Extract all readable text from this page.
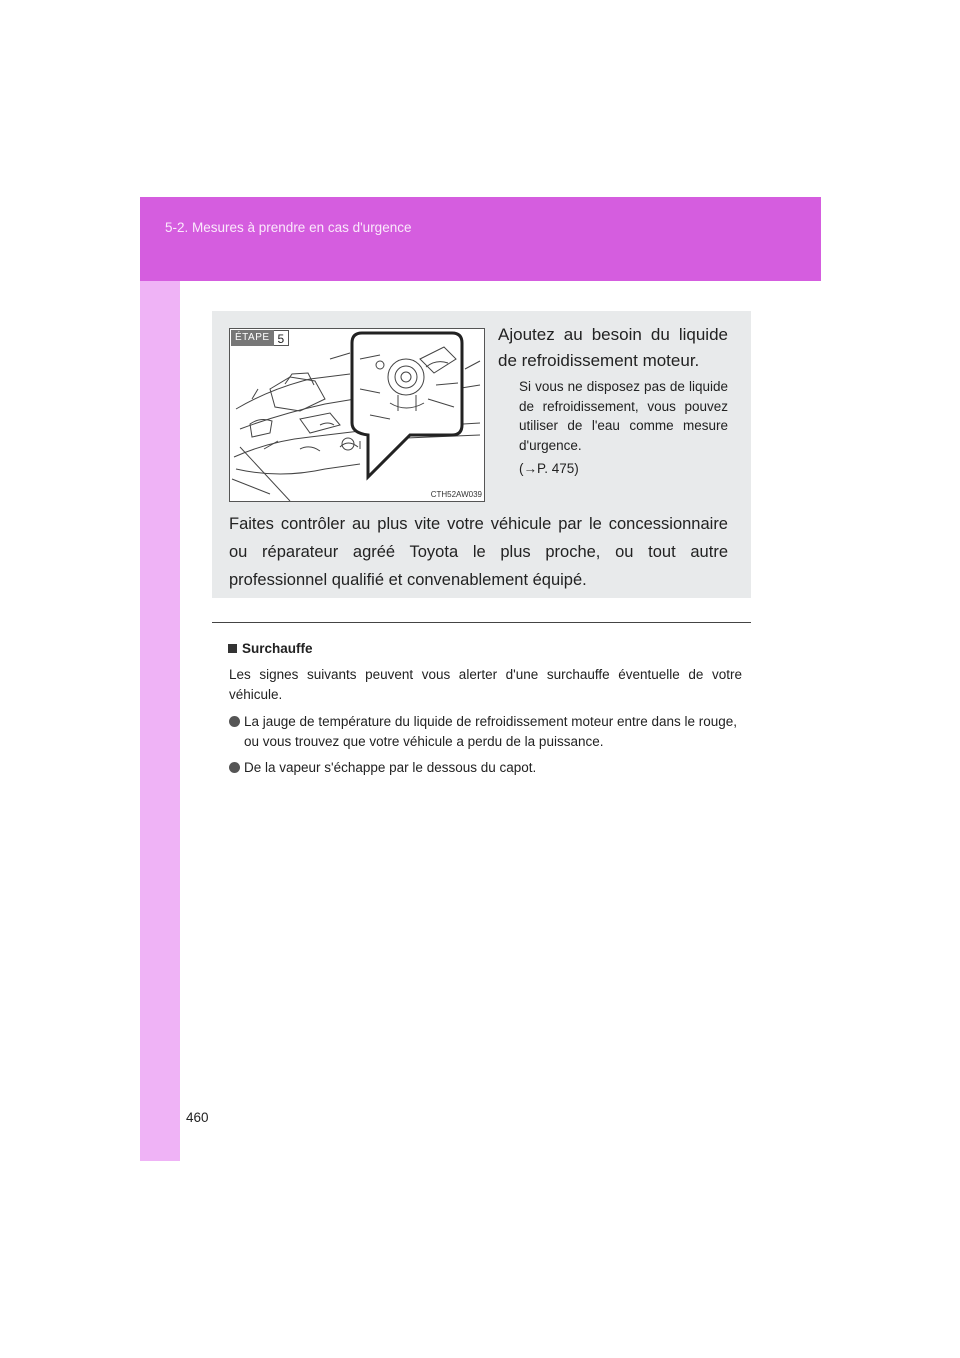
5-2. Mesures à prendre en cas d'urgence
ÉTAPE 5
CTH52AW039
Ajoutez au besoin du liquide de refroidissement moteur.
Si vous ne disposez pas de liquide de refroidissement, vous pouvez utiliser de l'eau comme mesure d'urgence.
(→P. 475)
Faites contrôler au plus vite votre véhicule par le concessionnaire ou réparateur agréé Toyota le plus proche, ou tout autre professionnel qualifié et convenablement équipé.
Surchauffe
Les signes suivants peuvent vous alerter d'une surchauffe éventuelle de votre véhicule.
La jauge de température du liquide de refroidissement moteur entre dans le rouge, ou vous trouvez que votre véhicule a perdu de la puissance.
De la vapeur s'échappe par le dessous du capot.
460
